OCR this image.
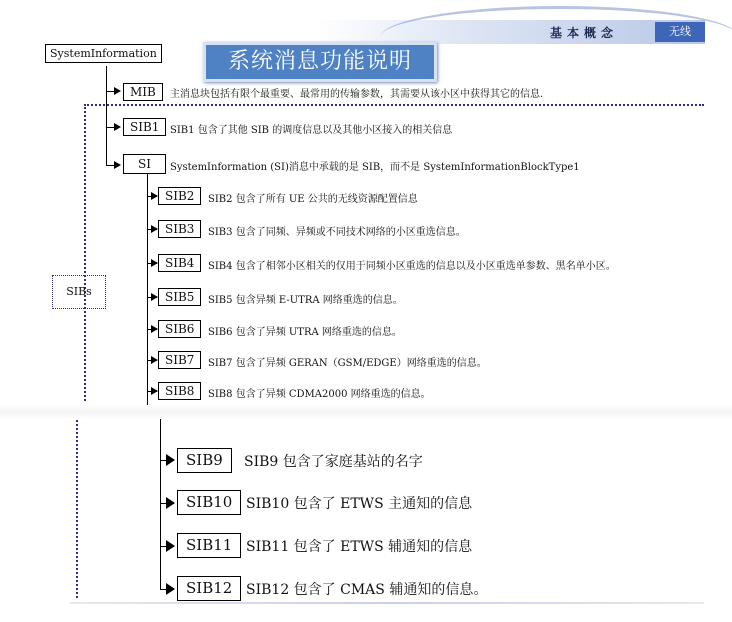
基本概念	无线
SystemInformation	系统消息功能说明
MIB	主消息块包括有限个最重要、最常用的传输参数，其需要从该小区中获得其它的信息.
SIB1	SIB1 包含了其他 SIB 的调度信息以及其他小区接入的相关信息
SI	SystemInformation (SI)消息中承载的是 SIB，而不是 SystemInformationBlockType1
SIBs
SIB2	SIB2 包含了所有 UE 公共的无线资源配置信息
SIB3	SIB3 包含了同频、异频或不同技术网络的小区重选信息。
SIB4	SIB4 包含了相邻小区相关的仅用于同频小区重选的信息以及小区重选单参数、黑名单小区。
SIB5	SIB5 包含异频 E-UTRA 网络重选的信息。
SIB6	SIB6 包含了异频 UTRA 网络重选的信息。
SIB7	SIB7 包含了异频 GERAN（GSM/EDGE）网络重选的信息。
SIB8	SIB8 包含了异频 CDMA2000 网络重选的信息。
SIB9	SIB9 包含了家庭基站的名字
SIB10 SIB10 包含了 ETWS 主通知的信息
SIB11 SIB11 包含了 ETWS 辅通知的信息
SIB12 SIB12 包含了 CMAS 辅通知的信息。
